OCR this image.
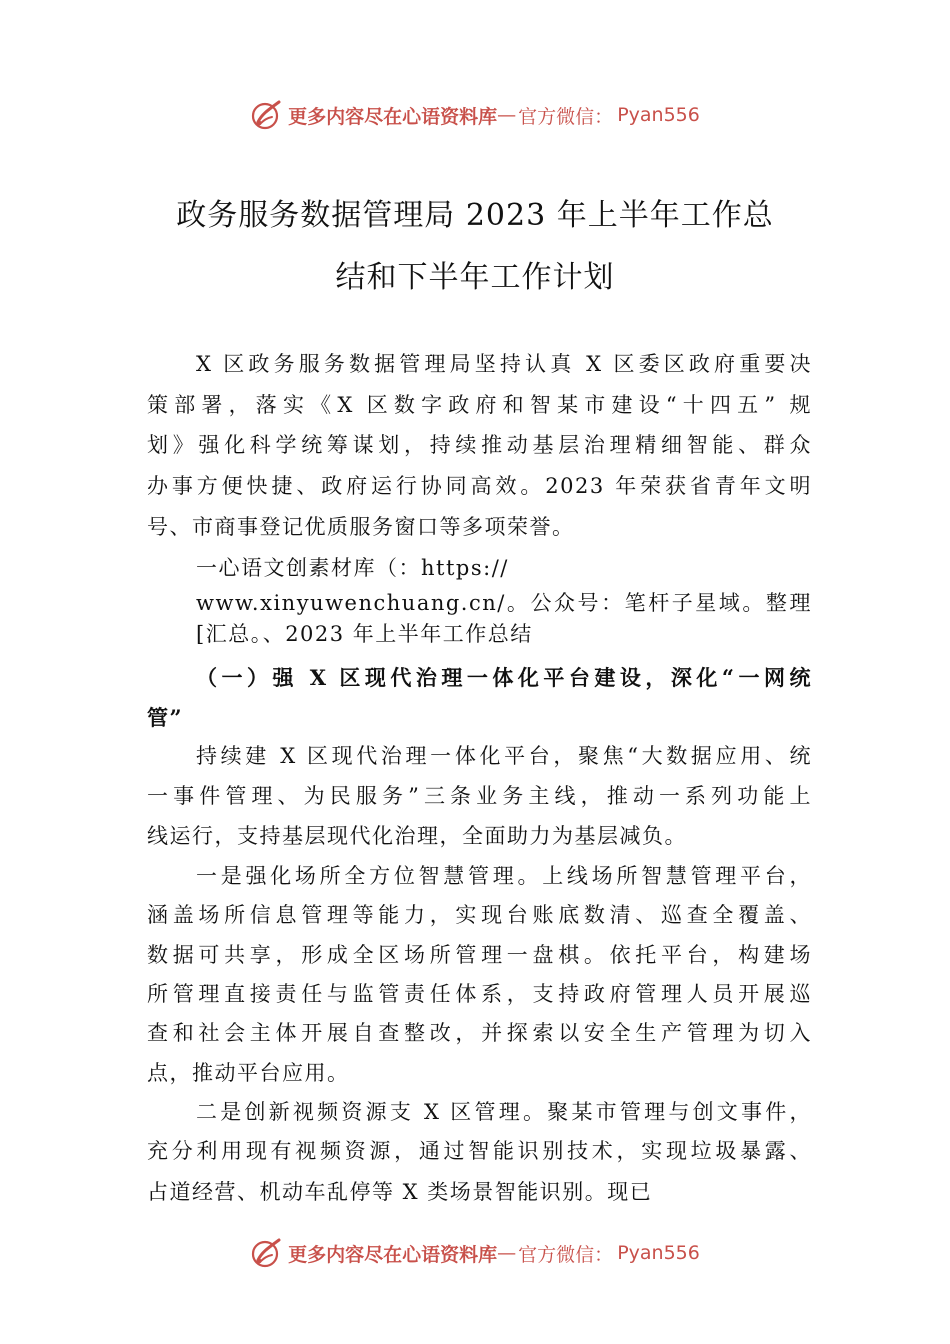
更多内容尽在心语资料库 — 官方微信： Pyan556
政务服务数据管理局 2023 年上半年工作总
结和下半年工作计划
X 区政务服务数据管理局坚持认真 X 区委区政府重要决
策部署，落实《X 区数字政府和智某市建设“十四五” 规
划》强化科学统筹谋划，持续推动基层治理精细智能、群众
办事方便快捷、政府运行协同高效。2023 年荣获省青年文明
号、市商事登记优质服务窗口等多项荣誉。
一心语文创素材库（：https://
www.xinyuwenchuang.cn/。公众号：笔杆子星域。整理
[汇总。、2023 年上半年工作总结
（一）强 X 区现代治理一体化平台建设，深化“一网统
管”
持续建 X 区现代治理一体化平台，聚焦“大数据应用、统
一事件管理、为民服务”三条业务主线，推动一系列功能上
线运行，支持基层现代化治理，全面助力为基层减负。
一是强化场所全方位智慧管理。上线场所智慧管理平台，
涵盖场所信息管理等能力，实现台账底数清、巡查全覆盖、
数据可共享，形成全区场所管理一盘棋。依托平台，构建场
所管理直接责任与监管责任体系，支持政府管理人员开展巡
查和社会主体开展自查整改，并探索以安全生产管理为切入
点，推动平台应用。
二是创新视频资源支 X 区管理。聚某市管理与创文事件，
充分利用现有视频资源，通过智能识别技术，实现垃圾暴露、
占道经营、机动车乱停等 X 类场景智能识别。现已
更多内容尽在心语资料库 — 官方微信： Pyan556
